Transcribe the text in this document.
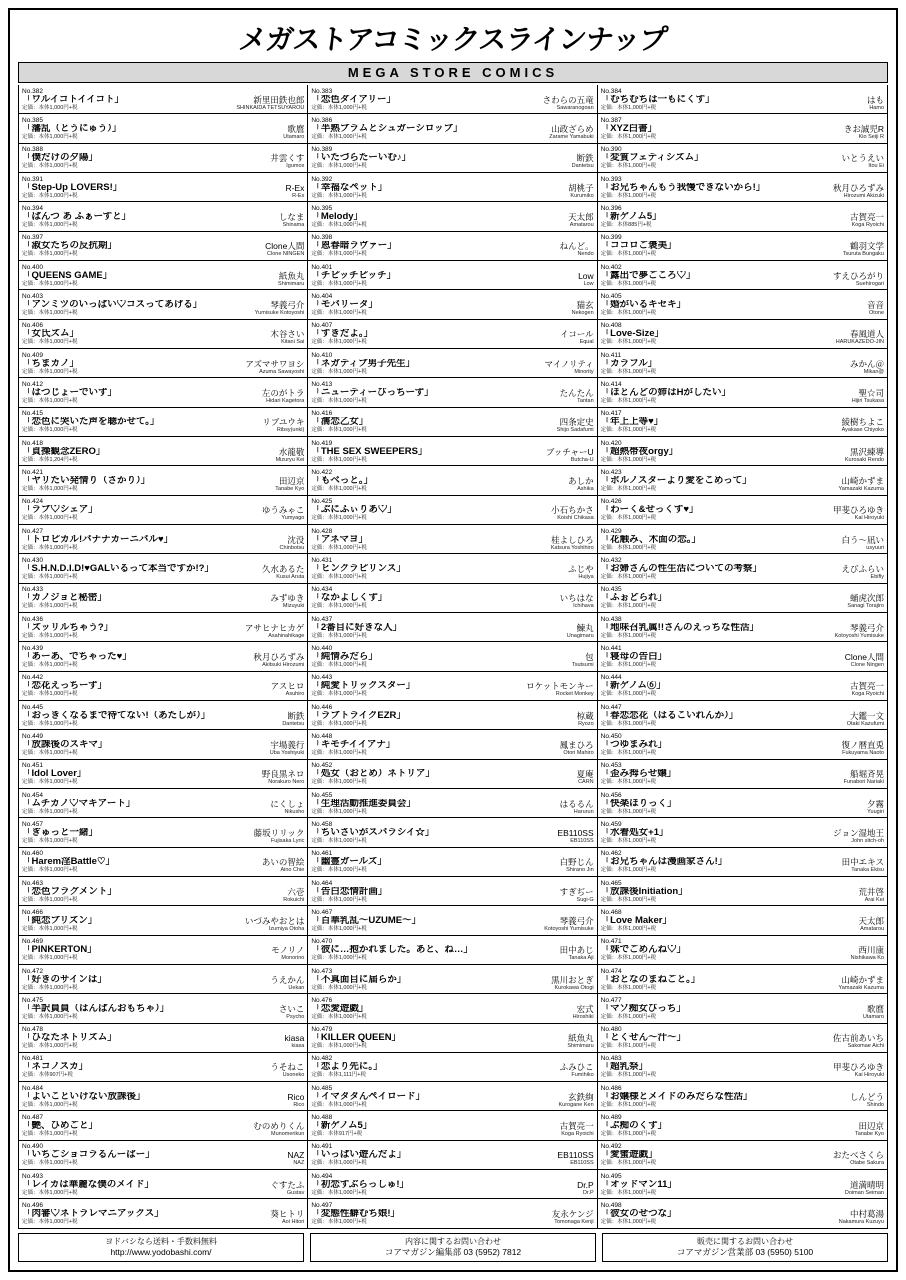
メガストアコミックスラインナップ
MEGA STORE COMICS
No.382
「ワルイコトイイコト」	新里田鉄也郎
定価：本体1,000円+税	SHINKAIDA TETSUYAROU
No.385
「藩乱（とうにゅう）」	歌麿
定価：本体1,000円+税	Utamaro
No.388
「僕だけの夕陽」	井雲くす
定価：本体1,000円+税	Igumox
No.391
「Step-Up LOVERS!」	R-Ex
定価：本体1,000円+税	R-Ex
No.394
「ぱんつ あ ふぁーすと」	しなま
定価：本体1,000円+税	Shinama
No.397
「淑女たちの反抗期」	Clone人間
定価：本体1,000円+税	Clone NINGEN
No.400
「QUEENS GAME」	紙魚丸
定価：本体1,000円+税	Shimimaru
No.403
「アンミツのいっぱい♡コスってあげる」	琴義弓介
定価：本体1,000円+税	Yumisuke Kotoyoshi
No.406
「女氏ズム」	木谷さい
定価：本体1,000円+税	Kitani Sai
No.409
「ちまカノ」	アズマサワヨシ
定価：本体1,000円+税	Azuma Sawayoshi
No.412
「はつじょーでいず」	左のがトラ
定価：本体1,000円+税	Hidari Kagetora
No.415
「恋色に哭いた声を聴かせて。」	リブユウキ
定価：本体1,000円+税	Ribsy(unki)
No.418
「貞操観念ZERO」	水龍敬
定価：本体1,204円+税	Mizuryu Kei
No.421
「ヤリたい発情り（さかり）」	田辺京
定価：本体1,000円+税	Tanabe Kyo
No.424
「ラブ♡シェア」	ゆうみゃこ
定価：本体1,000円+税	Yumyago
No.427
「トロピカル!バナナカーニバル♥」	沈没
定価：本体1,000円+税	Chinbotsu
No.430
「S.H.N.D.I.D!♥GALいるって本当ですか!?」	久水あるた
定価：本体1,000円+税	Kusui Aruta
No.433
「カノジョと秘密」	みずゆき
定価：本体1,000円+税	Mizuyuki
No.436
「ズッリルちゃう?」	アサヒナヒカゲ
定価：本体1,000円+税	Asahinahikage
No.439
「あーあ、でちゃった♥」	秋月ひろずみ
定価：本体1,000円+税	Akitsuki Hirozumi
No.442
「恋花えっちーず」	アスヒロ
定価：本体1,000円+税	Asuhiro
No.445
「おっきくなるまで待てない!（あたしが）」	断鉄
定価：本体1,000円+税	Dantetsu
No.449
「放課後のスキマ」	宇場義行
定価：本体1,000円+税	Uba Yoshiyuki
No.451
「Idol Lover」	野良黒ネロ
定価：本体1,000円+税	Norakuro Nero
No.454
「ムチカノ♡マキアート」	にくしょ
定価：本体1,000円+税	Nikusho
No.457
「ぎゅっと一緒」	藤坂リリック
定価：本体1,000円+税	Fujisaka Lyric
No.460
「Harem淫Battle♡」	あいの智絵
定価：本体1,000円+税	Aino Chie
No.463
「恋色フラグメント」	六壱
定価：本体1,000円+税	Rokuichi
No.466
「純恋プリズン」	いづみやおとは
定価：本体1,000円+税	Izumiya Otoha
No.469
「PINKERTON」	モノリノ
定価：本体1,000円+税	Monorino
No.472
「好きのサインは」	うえかん
定価：本体1,000円+税	Uekan
No.475
「半訳員員（はんぱんおもちゃ）」	さいこ
定価：本体1,000円+税	Psycho
No.478
「ひなたネトリズム」	kiasa
定価：本体1,000円+税	kiasa
No.481
「ネコノスカ」	うそねこ
定価：本体907円+税	Usoneko
No.484
「よいこといけない放課後」	Rico
定価：本体1,000円+税	Rico
No.487
「艶、ひめごと」	むのめりくん
定価：本体1,000円+税	Munomerikun
No.490
「いちごショコラるんーばー」	NAZ
定価：本体1,000円+税	NAZ
No.493
「レイカは華麗な僕のメイド」	ぐすたふ
定価：本体1,000円+税	Gustav
No.496
「肉審♡ネトラレマニアックス」	葵ヒトリ
定価：本体1,000円+税	Aoi Hitori
No.383
「恋色ダイアリー」	さわらの五竜
定価：本体1,000円+税	Sawaranogoan
No.386
「半熟プラムとシュガーシロップ」	山政ざらめ
定価：本体1,000円+税	Zarame Yamabuki
No.389
「いたづらたーいむ♪」	断鉄
定価：本体1,000円+税	Dantetsu
No.392
「幸福なペット」	胡桃子
定価：本体1,000円+税	Kurumiko
No.395
「Melody」	天太郎
定価：本体1,000円+税	Amatarou
No.398
「恩春暗ラヴァー」	ねんど。
定価：本体1,000円+税	Nendo
No.401
「チピッチピッチ」	Low
定価：本体1,000円+税	Low
No.404
「モバリータ」	猫玄
定価：本体1,000円+税	Nekogen
No.407
「すきだよ。」	イコール
定価：本体1,000円+税	Equal
No.410
「ネガティブ男子先生」	マイノリティ
定価：本体1,000円+税	Minority
No.413
「ニューティーびっちーず」	たんたん
定価：本体1,000円+税	Tantan
No.416
「濡恋乙女」	四条定史
定価：本体1,000円+税	Shijo Sadafumi
No.419
「THE SEX SWEEPERS」	ブッチャーU
定価：本体1,000円+税	Butcha-U
No.422
「もべっと。」	あしか
定価：本体1,000円+税	Ashika
No.425
「ぷにふぃりあ♡」	小石ちかさ
定価：本体1,000円+税	Koishi Chikasa
No.428
「アネマヨ」	桂よしひろ
定価：本体1,000円+税	Katsura Yoshihiro
No.431
「ヒンクラピリンス」	ふじや
定価：本体1,000円+税	Hujiya
No.434
「なかよしくず」	いちはな
定価：本体1,000円+税	Ichihava
No.437
「2番目に好きな人」	鰊丸
定価：本体1,000円+税	Unagimaru
No.440
「純情みだら」	包
定価：本体1,000円+税	Tsutsumi
No.443
「純愛トリックスター」	ロケットモンキー
定価：本体1,000円+税	Rocket Monkey
No.446
「ラブトライクEZR」	椋蔵
定価：本体1,000円+税	Ryozo
No.448
「キモチイイアナ」	鳳まひろ
定価：本体1,000円+税	Otori Mahiro
No.452
「処女（おとめ）ネトリア」	夏庵
定価：本体1,000円+税	CARN
No.455
「生理活動推進委員会」	はるるん
定価：本体1,000円+税	Harurun
No.458
「ちいさいがスバラシイ☆」	EB110SS
定価：本体1,000円+税	EB110SS
No.461
「幽霊ガールズ」	白野じん
定価：本体1,000円+税	Shirano Jin
No.464
「告白恋情計画」	すぎぢー
定価：本体1,000円+税	Sugi-G
No.467
「百華乳乱～UZUME～」	琴義弓介
定価：本体1,000円+税	Kotoyoshi Yumisuke
No.470
「彼に…抱かれました。あと、ね…」	田中あじ
定価：本体1,000円+税	Tanaka Aji
No.473
「不真面目に届らか」	黒川おとぎ
定価：本体1,000円+税	Kurokawa Otogi
No.476
「恋愛遊戯」	宏式
定価：本体1,000円+税	Hiroshiki
No.479
「KILLER QUEEN」	紙魚丸
定価：本体1,000円+税	Shimimaru
No.482
「恋より先に。」	ふみひこ
定価：本体1,111円+税	Fumihiko
No.485
「イマタタんペイロード」	玄鉄絢
定価：本体1,000円+税	Kurogane Ken
No.488
「新ゲノム5」	古賀亮一
定価：本体917円+税	Koga Ryoichi
No.491
「いっぱい遊んだよ」	EB110SS
定価：本体1,000円+税	EB110SS
No.494
「初恋すぶらっしゅ!」	Dr.P
定価：本体1,000円+税	Dr.P
No.497
「変態性癖むち娘!」	友永ケンジ
定価：本体1,000円+税	Tomonaga Kenji
No.384
「むちむちは一もにくす」	はも
定価：本体1,000円+税	Hamo
No.387
「XYZ白書」	きお誠児R
定価：本体1,000円+税	Kio Seiji R
No.390
「変質フェティシズム」	いとうえい
定価：本体1,000円+税	Itou Ei
No.393
「お兄ちゃんもう我慢できないから!」	秋月ひろずみ
定価：本体1,000円+税	Hirozumi Akizuki
No.396
「新ゲノム5」	古賀亮一
定価：本体885円+税	Koga Ryoichi
No.399
「ココロご褒美」	鶴羽文学
定価：本体1,000円+税	Tsuruta Bungaku
No.402
「露出で夢ごころ♡」	すえひろがり
定価：本体1,000円+税	Suehirogari
No.405
「婚がいるキセキ」	音音
定価：本体1,000円+税	Otone
No.408
「Love-Size」	春風道人
定価：本体1,000円+税	HARUKAZEDO-JIN
No.411
「カラフル」	みかん＠
定価：本体1,000円+税	Mikan@
No.414
「ほとんどの姉はHがしたい」	聖☆司
定価：本体1,000円+税	Hijiri Tsukasa
No.417
「年上上等♥」	綾樹ちよこ
定価：本体1,000円+税	Ayakase Chiyoko
No.420
「超熱帯夜orgy」	黒沢練導
定価：本体1,000円+税	Kurosaki Rendo
No.423
「ボルノスターより愛をこめって」	山崎かずま
定価：本体1,000円+税	Yamazaki Kazuma
No.426
「わーく&せっくす♥」	甲斐ひろゆき
定価：本体1,000円+税	Kai Hiroyuki
No.429
「花触み、木面の恋。」	白う〜凪い
定価：本体1,000円+税	usyuuri
No.432
「お婦さんの性生活についての考察」	えびふらい
定価：本体1,000円+税	Ebifly
No.435
「ふぉどられ」	蛹虎次郎
定価：本体1,000円+税	Sanagi Torajiro
No.438
「地味召乳属!!さんのえっちな性活」	琴義弓介
定価：本体1,000円+税	Kotoyoshi Yumisuke
No.441
「寝母の告白」	Clone人間
定価：本体1,000円+税	Clone Ningen
No.444
「新ゲノム⑥」	古賀亮一
定価：本体1,000円+税	Koga Ryoichi
No.447
「春恋恋花（はるこいれんか）」	大鑑一文
定価：本体1,000円+税	Otaki Kazufumi
No.450
「つゆまみれ」	復ノ暦直兎
定価：本体1,000円+税	Fukuyama Naoto
No.453
「歪み拇らせ嬢」	船堀斉晃
定価：本体1,000円+税	Funabori Nariaki
No.456
「快楽ほりっく」	夕霧
定価：本体1,000円+税	Yuugiri
No.459
「水着処女+1」	ジョン湿地王
定価：本体1,000円+税	John sitch-oh
No.462
「お兄ちゃんは漫画家さん!」	田中エキス
定価：本体1,000円+税	Tanaka Ekisu
No.465
「放課後Initiation」	荒井啓
定価：本体1,000円+税	Arai Kei
No.468
「Love Maker」	天太郎
定価：本体1,000円+税	Amatarou
No.471
「妹でごめんね♡」	西川康
定価：本体1,000円+税	Nishikawa Ko
No.474
「おとなのまねごと。」	山崎かずま
定価：本体1,000円+税	Yamazaki Kazuma
No.477
「マソ痴女びっち」	歌麿
定価：本体1,000円+税	Utamaro
No.480
「とくせん〜汁〜」	佐古前あいち
定価：本体1,000円+税	Sakomae Aichi
No.483
「超乳祭」	甲斐ひろゆき
定価：本体1,000円+税	Kai Hiroyuki
No.486
「お嬢様とメイドのみだらな性活」	しんどう
定価：本体1,000円+税	Shindo
No.489
「ぷ痴のくず」	田辺京
定価：本体1,000円+税	Tanabe Kyo
No.492
「愛蜜遊戯」	おたべさくら
定価：本体1,000円+税	Otabe Sakura
No.495
「オッドマン11」	道満晴明
定価：本体1,000円+税	Doiman Seiman
No.498
「彼女のせつな」	中村葛湯
定価：本体1,000円+税	Nakamura Kuzuyu
ヨドバシなら送料・手数料無料
http://www.yodobashi.com/
内容に関するお問い合わせ
コアマガジン編集部 03 (5952) 7812
販売に関するお問い合わせ
コアマガジン営業部 03 (5950) 5100
